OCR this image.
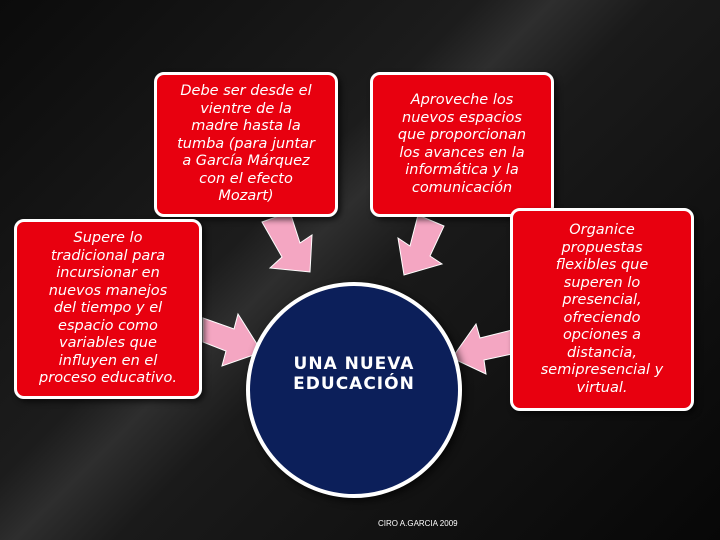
Debe ser desde el
vientre de la
madre hasta la
tumba (para juntar
a García Márquez
con el efecto
Mozart)
Aproveche los
nuevos espacios
que proporcionan
los avances en la
informática y la
comunicación
Supere lo
tradicional para
incursionar en
nuevos manejos
del tiempo y el
espacio como
variables que
influyen en el
proceso educativo.
Organice
propuestas
flexibles que
superen lo
presencial,
ofreciendo
opciones a
distancia,
semipresencial y
virtual.
UNA NUEVA
EDUCACIÓN
CIRO A.GARCIA 2009
